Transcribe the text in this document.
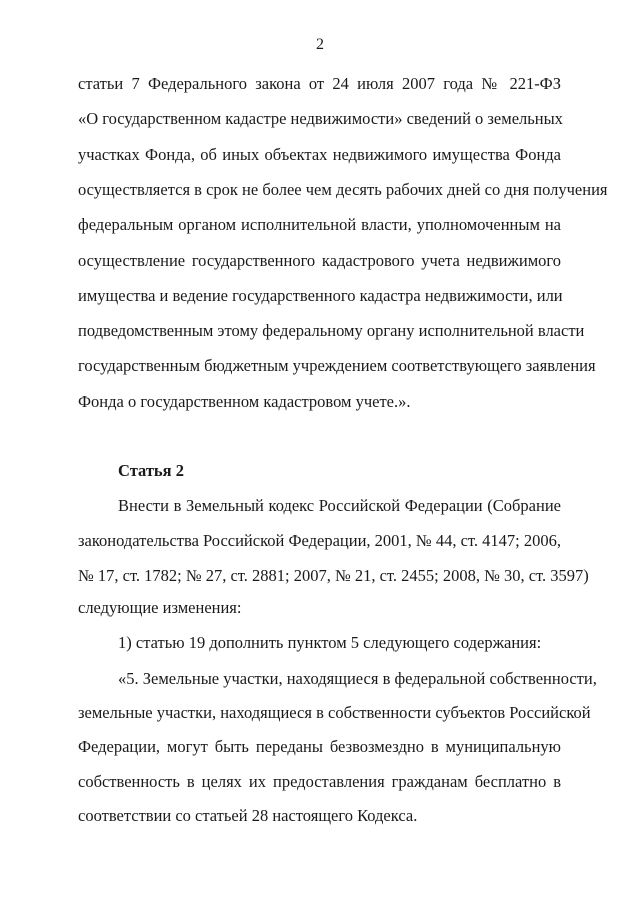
2
статьи 7 Федерального закона от 24 июля 2007 года № 221-ФЗ
«О государственном кадастре недвижимости» сведений о земельных
участках Фонда, об иных объектах недвижимого имущества Фонда
осуществляется в срок не более чем десять рабочих дней со дня получения
федеральным органом исполнительной власти, уполномоченным на
осуществление государственного кадастрового учета недвижимого
имущества и ведение государственного кадастра недвижимости, или
подведомственным этому федеральному органу исполнительной власти
государственным бюджетным учреждением соответствующего заявления
Фонда о государственном кадастровом учете.».
Статья 2
Внести в Земельный кодекс Российской Федерации (Собрание
законодательства Российской Федерации, 2001, № 44, ст. 4147; 2006,
№ 17, ст. 1782; № 27, ст. 2881; 2007, № 21, ст. 2455; 2008, № 30, ст. 3597)
следующие изменения:
1) статью 19 дополнить пунктом 5 следующего содержания:
«5. Земельные участки, находящиеся в федеральной собственности,
земельные участки, находящиеся в собственности субъектов Российской
Федерации, могут быть переданы безвозмездно в муниципальную
собственность в целях их предоставления гражданам бесплатно в
соответствии со статьей 28 настоящего Кодекса.
